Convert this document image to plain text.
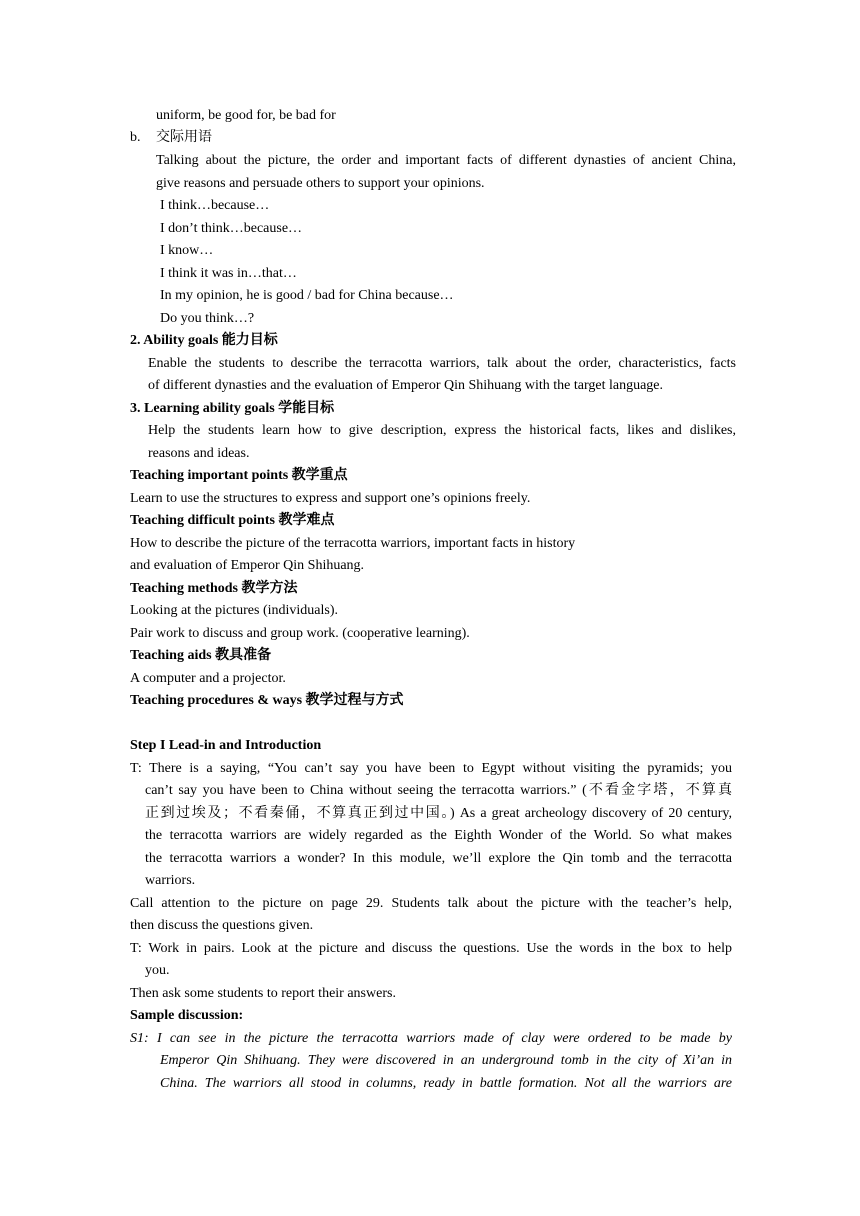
uniform, be good for, be bad for
b. 交际用语
Talking about the picture, the order and important facts of different dynasties of ancient China,
give reasons and persuade others to support your opinions.
I think…because…
I don’t think…because…
I know…
I think it was in…that…
In my opinion, he is good / bad for China because…
Do you think…?
2. Ability goals 能力目标
Enable the students to describe the terracotta warriors, talk about the order, characteristics, facts
of different dynasties and the evaluation of Emperor Qin Shihuang with the target language.
3. Learning ability goals 学能目标
Help the students learn how to give description, express the historical facts, likes and dislikes,
reasons and ideas.
Teaching important points 教学重点
Learn to use the structures to express and support one’s opinions freely.
Teaching difficult points 教学难点
How to describe the picture of the terracotta warriors, important facts in history
and evaluation of Emperor Qin Shihuang.
Teaching methods 教学方法
Looking at the pictures (individuals).
Pair work to discuss and group work. (cooperative learning).
Teaching aids 教具准备
A computer and a projector.
Teaching procedures & ways 教学过程与方式
Step I Lead-in and Introduction
T: There is a saying, “You can’t say you have been to Egypt without visiting the pyramids; you
can’t say you have been to China without seeing the terracotta warriors.” (不看金字塔，不算真
正到过埃及；不看秦俑，不算真正到过中国。) As a great archeology discovery of 20 century,
the terracotta warriors are widely regarded as the Eighth Wonder of the World. So what makes
the terracotta warriors a wonder? In this module, we’ll explore the Qin tomb and the terracotta
warriors.
Call attention to the picture on page 29. Students talk about the picture with the teacher’s help,
then discuss the questions given.
T: Work in pairs. Look at the picture and discuss the questions. Use the words in the box to help
you.
Then ask some students to report their answers.
Sample discussion:
S1: I can see in the picture the terracotta warriors made of clay were ordered to be made by
Emperor Qin Shihuang. They were discovered in an underground tomb in the city of Xi’an in
China. The warriors all stood in columns, ready in battle formation. Not all the warriors are
